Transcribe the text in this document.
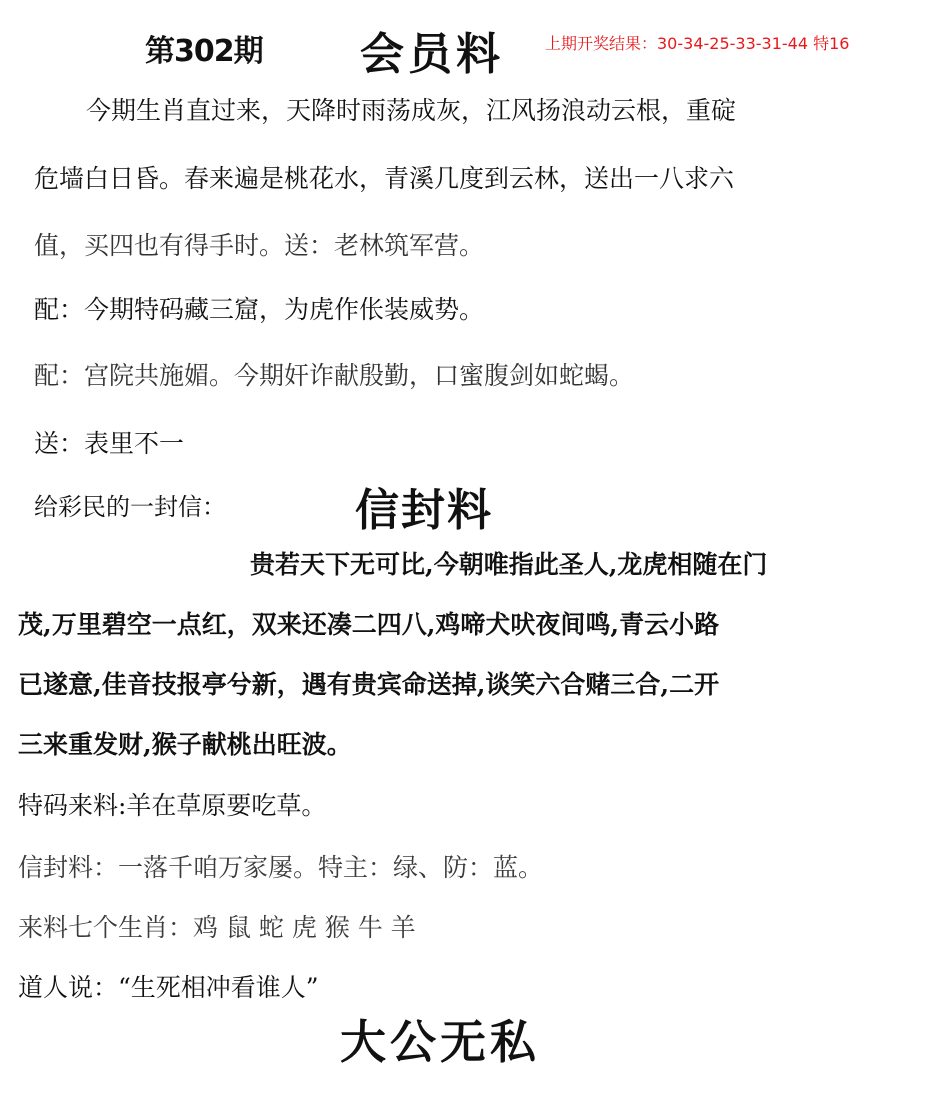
第302期 会员料	上期开奖结果：30-34-25-33-31-44 特16
今期生肖直过来，天降时雨荡成灰，江风扬浪动云根，重碇
危墙白日昏。春来遍是桃花水，青溪几度到云林，送出一八求六
值，买四也有得手时。送：老林筑军营。
配：今期特码藏三窟，为虎作伥装威势。
配：宫院共施媚。今期奸诈献殷勤，口蜜腹剑如蛇蝎。
送：表里不一
给彩民的一封信：	信封料
贵若天下无可比,今朝唯指此圣人,龙虎相随在门
茂,万里碧空一点红，双来还凑二四八,鸡啼犬吠夜间鸣,青云小路
已遂意,佳音技报亭兮新，遇有贵宾命送掉,谈笑六合赌三合,二开
三来重发财,猴子献桃出旺波。
特码来料:羊在草原要吃草。
信封料：一落千咱万家屡。特主：绿、防：蓝。
来料七个生肖：鸡 鼠 蛇 虎 猴 牛 羊
道人说：“生死相冲看谁人”
大公无私
